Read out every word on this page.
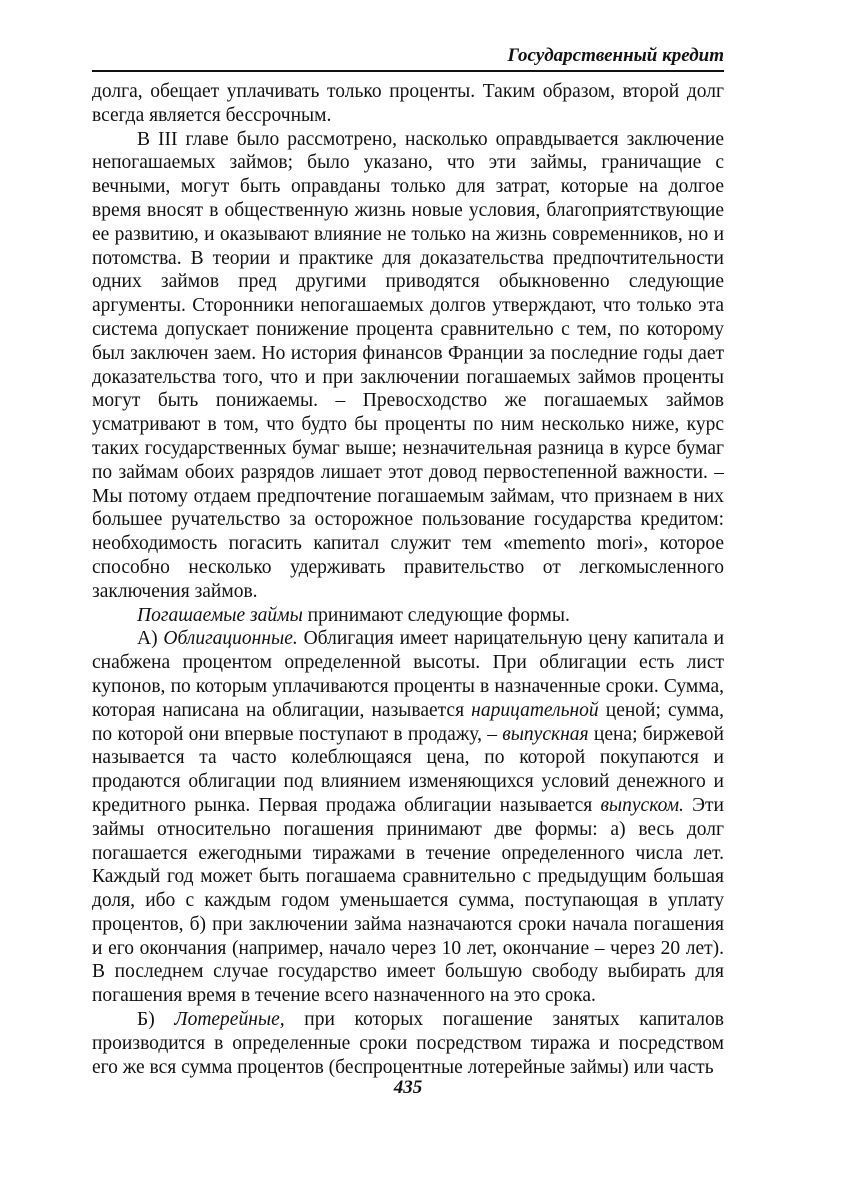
Государственный кредит

долга, обещает уплачивать только проценты. Таким образом, второй долг всегда является бессрочным.

В III главе было рассмотрено, насколько оправдывается заключение непогашаемых займов; было указано, что эти займы, граничащие с вечными, могут быть оправданы только для затрат, которые на долгое время вносят в общественную жизнь новые условия, благоприятствующие ее развитию, и оказывают влияние не только на жизнь современников, но и потомства. В теории и практике для доказательства предпочтительности одних займов пред другими приводятся обыкновенно следующие аргументы. Сторонники непогашаемых долгов утверждают, что только эта система допускает понижение процента сравнительно с тем, по которому был заключен заем. Но история финансов Франции за последние годы дает доказательства того, что и при заключении погашаемых займов проценты могут быть понижаемы. – Превосходство же погашаемых займов усматривают в том, что будто бы проценты по ним несколько ниже, курс таких государственных бумаг выше; незначительная разница в курсе бумаг по займам обоих разрядов лишает этот довод первостепенной важности. – Мы потому отдаем предпочтение погашаемым займам, что признаем в них большее ручательство за осторожное пользование государства кредитом: необходимость погасить капитал служит тем «memento mori», которое способно несколько удерживать правительство от легкомысленного заключения займов.

Погашаемые займы принимают следующие формы.

А) Облигационные. Облигация имеет нарицательную цену капитала и снабжена процентом определенной высоты. При облигации есть лист купонов, по которым уплачиваются проценты в назначенные сроки. Сумма, которая написана на облигации, называется нарицательной ценой; сумма, по которой они впервые поступают в продажу, – выпускная цена; биржевой называется та часто колеблющаяся цена, по которой покупаются и продаются облигации под влиянием изменяющихся условий денежного и кредитного рынка. Первая продажа облигации называется выпуском. Эти займы относительно погашения принимают две формы: а) весь долг погашается ежегодными тиражами в течение определенного числа лет. Каждый год может быть погашаема сравнительно с предыдущим большая доля, ибо с каждым годом уменьшается сумма, поступающая в уплату процентов, б) при заключении займа назначаются сроки начала погашения и его окончания (например, начало через 10 лет, окончание – через 20 лет). В последнем случае государство имеет большую свободу выбирать для погашения время в течение всего назначенного на это срока.

Б) Лотерейные, при которых погашение занятых капиталов производится в определенные сроки посредством тиража и посредством его же вся сумма процентов (беспроцентные лотерейные займы) или часть

435
